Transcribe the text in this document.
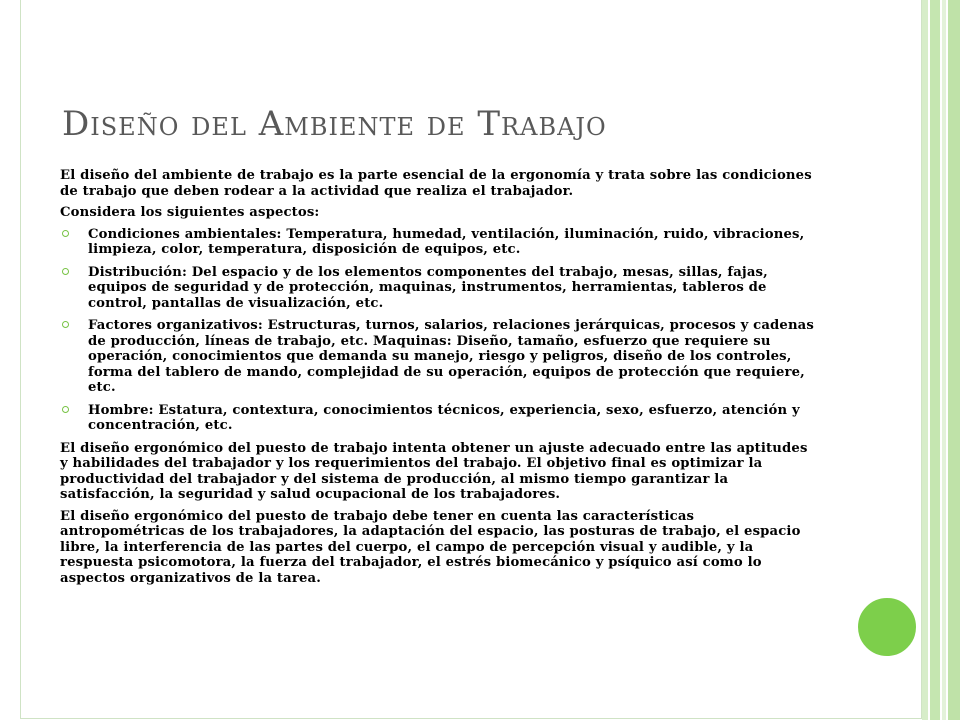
Diseño del Ambiente de Trabajo

El diseño del ambiente de trabajo es la parte esencial de la ergonomía y trata sobre las condiciones de trabajo que deben rodear a la actividad que realiza el trabajador.

Considera los siguientes aspectos:

Condiciones ambientales: Temperatura, humedad, ventilación, iluminación, ruido, vibraciones, limpieza, color, temperatura, disposición de equipos, etc.
Distribución: Del espacio y de los elementos componentes del trabajo, mesas, sillas, fajas, equipos de seguridad y de protección, maquinas, instrumentos, herramientas, tableros de control, pantallas de visualización, etc.
Factores organizativos: Estructuras, turnos, salarios, relaciones jerárquicas, procesos y cadenas de producción, líneas de trabajo, etc. Maquinas: Diseño, tamaño, esfuerzo que requiere su operación, conocimientos que demanda su manejo, riesgo y peligros, diseño de los controles, forma del tablero de mando, complejidad de su operación, equipos de protección que requiere, etc.
Hombre: Estatura, contextura, conocimientos técnicos, experiencia, sexo, esfuerzo, atención y concentración, etc.

El diseño ergonómico del puesto de trabajo intenta obtener un ajuste adecuado entre las aptitudes y habilidades del trabajador y los requerimientos del trabajo. El objetivo final es optimizar la productividad del trabajador y del sistema de producción, al mismo tiempo garantizar la satisfacción, la seguridad y salud ocupacional de los trabajadores.

El diseño ergonómico del puesto de trabajo debe tener en cuenta las características antropométricas de los trabajadores, la adaptación del espacio, las posturas de trabajo, el espacio libre, la interferencia de las partes del cuerpo, el campo de percepción visual y audible, y la respuesta psicomotora, la fuerza del trabajador, el estrés biomecánico y psíquico así como lo aspectos organizativos de la tarea.
